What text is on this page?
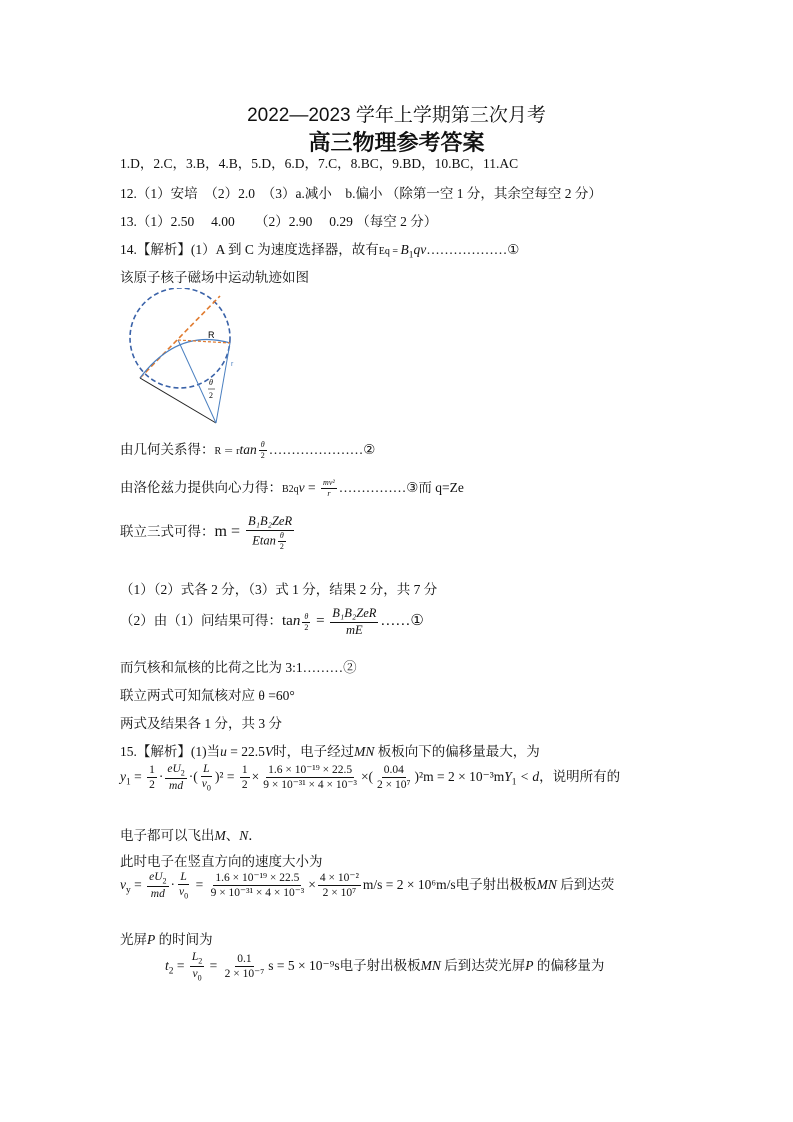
2022—2023 学年上学期第三次月考
高三物理参考答案
1.D，2.C，3.B，4.B，5.D，6.D，7.C，8.BC，9.BD，10.BC，11.AC
12.（1）安培　（2）2.0　（3）a.减小　b.偏小 （除第一空 1 分，其余空每空 2 分）
13.（1）2.50　 4.00　　（2）2.90　 0.29 （每空 2 分）
14.【解析】(1）A 到 C 为速度选择器，故有$Eq = B_1qv\dots\dots\dots\dots\dots\dots ①$
该原子核子磁场中运动轨迹如图
R
r
θ
2
由几何关系得：R ＝ rtan $\frac{\theta}{2}$ …………………②
由洛伦兹力提供向心力得：$B2qv = \frac{\text{mv²}}{r}$ ……………③而 q=Ze
联立三式可得：$m = \frac{\text{B₁B₂ZeR}}{Etan \frac{\theta}{2}}$
（1）（2）式各 2 分，（3）式 1 分，结果 2 分，共 7 分
（2）由（1）问结果可得：$\tan \frac{\theta}{2} = \frac{\text{B₁B₂ZeR}}{mE}$ ……①
而氕核和氚核的比荷之比为 3:1………②
联立两式可知氚核对应 θ =60°
两式及结果各 1 分，共 3 分
15.【解析】(1)当u = 22.5V时，电子经过MN 板板向下的偏移量最大，为
$y_1 = \frac{1}{2} \cdot \frac{eU_2}{md}$ ·( $\frac{L}{v_0} )^2 = \frac{1}{2} \times \frac{\text{1.6 × 10⁻¹⁹ × 22.5}}{\text{9 × 10⁻³¹ × 4 × 10⁻³}}$ ×( $\frac{0.04}{\text{2 × 10⁷}} )^2m = 2 \times 10^{-3}mY_1 < d$，说明所有的
电子都可以飞出M、N．
此时电子在竖直方向的速度大小为
$v_y = \frac{eU_2}{md} \cdot \frac{L}{v_0} = \frac{\text{1.6 × 10⁻¹⁹ × 22.5}}{\text{9 × 10⁻³¹ × 4 × 10⁻³}} \times \frac{\text{4 × 10⁻²}}{\text{2 × 10⁷}} m/s = 2 \times 10^6m/s$电子射出极板MN 后到达荧
光屏P 的时间为
$t_2 = \frac{L_2}{v_0} = \frac{0.1}{\text{2 × 10⁻⁷}}$ s = 5 × 10⁻⁹s电子射出极板MN 后到达荧光屏P 的偏移量为
